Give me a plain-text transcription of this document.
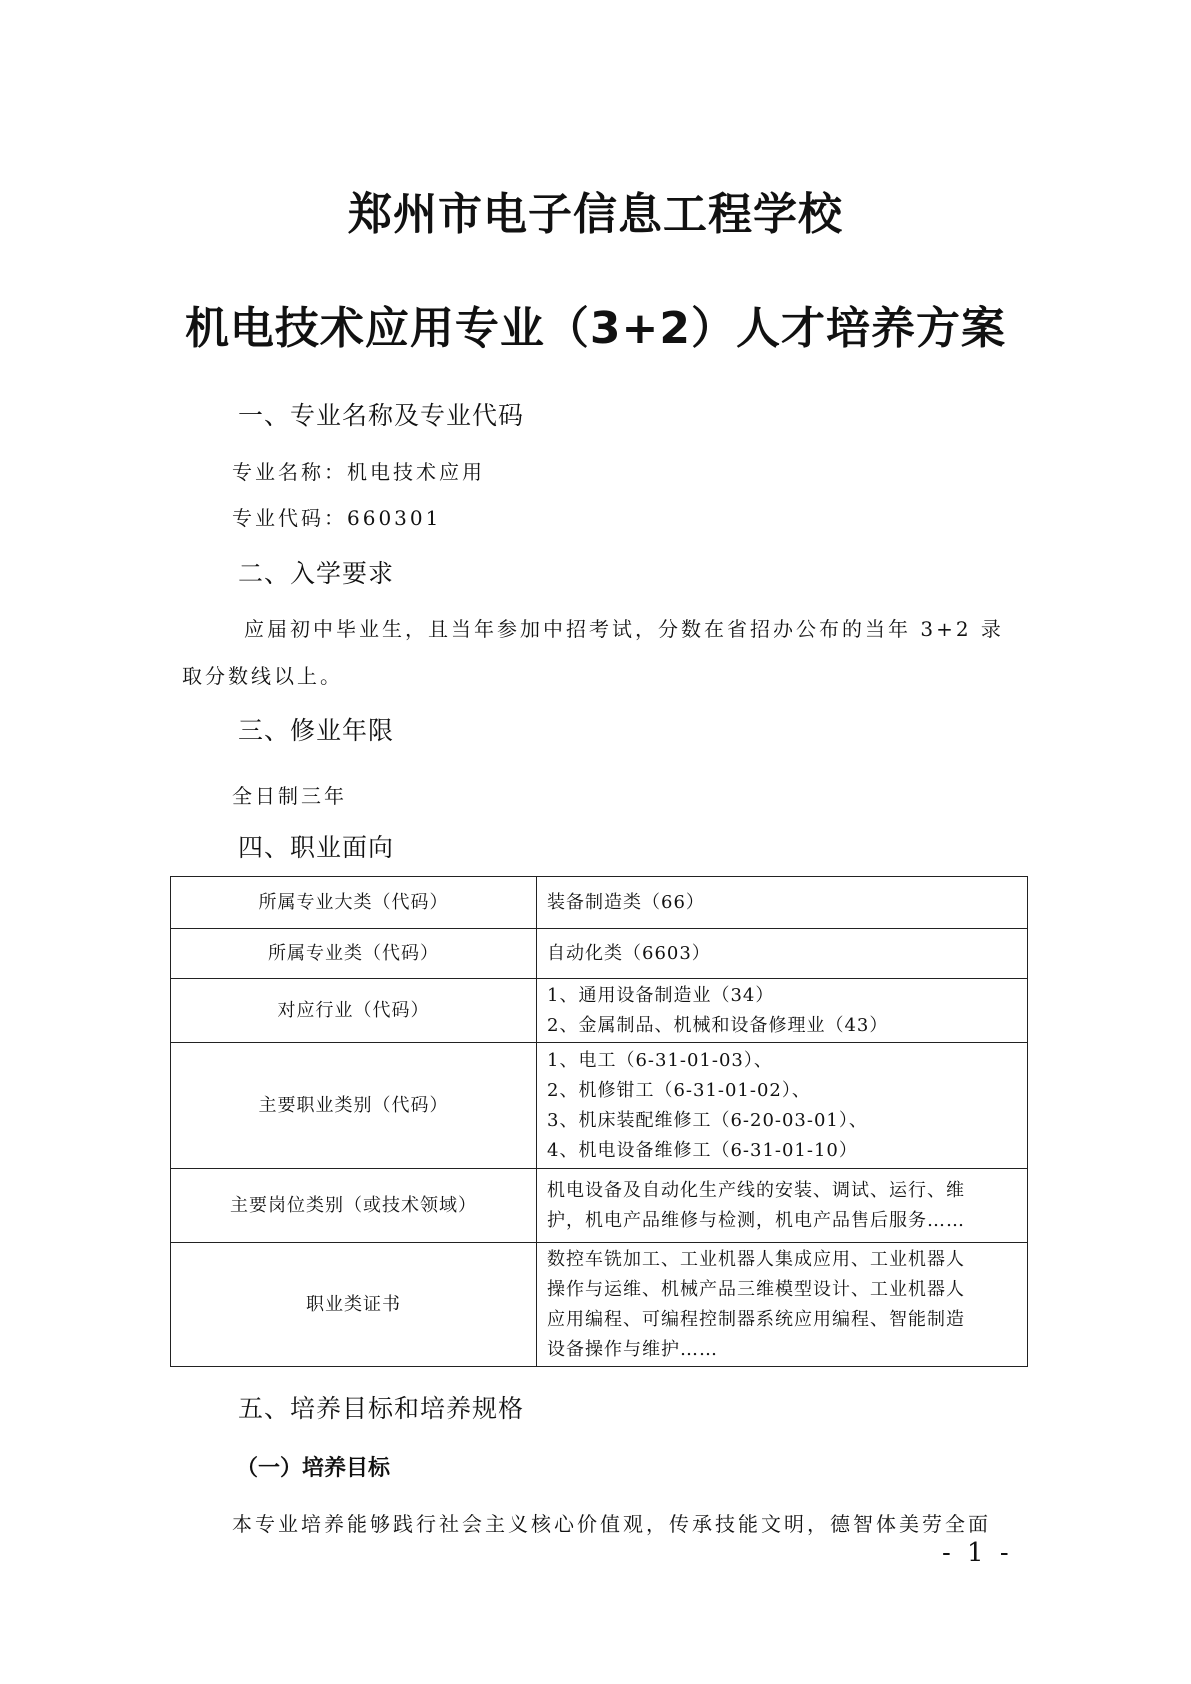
郑州市电子信息工程学校
机电技术应用专业（3+2）人才培养方案
一、专业名称及专业代码
专业名称：机电技术应用
专业代码：660301
二、入学要求
应届初中毕业生，且当年参加中招考试，分数在省招办公布的当年 3+2 录
取分数线以上。
三、修业年限
全日制三年
四、职业面向
所属专业大类（代码）	装备制造类（66）

所属专业类（代码）	自动化类（6603）

对应行业（代码）	1、通用设备制造业（34）
2、金属制品、机械和设备修理业（43）

主要职业类别（代码）	1、电工（6-31-01-03）、
2、机修钳工（6-31-01-02）、
3、机床装配维修工（6-20-03-01）、
4、机电设备维修工（6-31-01-10）

主要岗位类别（或技术领域）	机电设备及自动化生产线的安装、调试、运行、维
护，机电产品维修与检测，机电产品售后服务……

职业类证书	数控车铣加工、工业机器人集成应用、工业机器人
操作与运维、机械产品三维模型设计、工业机器人
应用编程、可编程控制器系统应用编程、智能制造
设备操作与维护……
五、培养目标和培养规格
（一）培养目标
本专业培养能够践行社会主义核心价值观，传承技能文明，德智体美劳全面
- 1 -
